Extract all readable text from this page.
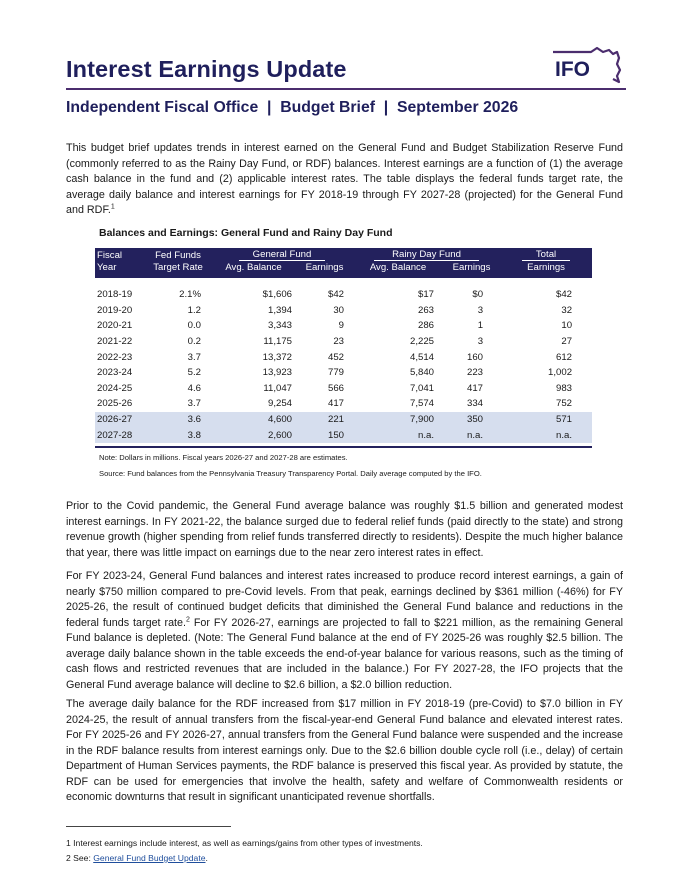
Interest Earnings Update	IFO
Independent Fiscal Office  |  Budget Brief  |  September 2026

This budget brief updates trends in interest earned on the General Fund and Budget Stabilization Reserve Fund (commonly referred to as the Rainy Day Fund, or RDF) balances. Interest earnings are a function of (1) the average cash balance in the fund and (2) applicable interest rates. The table displays the federal funds target rate, the average daily balance and interest earnings for FY 2018-19 through FY 2027-28 (projected) for the General Fund and RDF.$^1$

Balances and Earnings: General Fund and Rainy Day Fund

Fiscal	Fed Funds	General Fund		Rainy Day Fund		Total
Year	Target Rate	Avg. Balance	Earnings	Avg. Balance	Earnings	Earnings
2018-19	2.1%	$1,606	$42	$17	$0	$42
2019-20	1.2	1,394	30	263	3	32
2020-21	0.0	3,343	9	286	1	10
2021-22	0.2	11,175	23	2,225	3	27
2022-23	3.7	13,372	452	4,514	160	612
2023-24	5.2	13,923	779	5,840	223	1,002
2024-25	4.6	11,047	566	7,041	417	983
2025-26	3.7	9,254	417	7,574	334	752
2026-27	3.6	4,600	221	7,900	350	571
2027-28	3.8	2,600	150	n.a.	n.a.	n.a.

Note: Dollars in millions. Fiscal years 2026-27 and 2027-28 are estimates.

Source: Fund balances from the Pennsylvania Treasury Transparency Portal. Daily average computed by the IFO.

Prior to the Covid pandemic, the General Fund average balance was roughly $1.5 billion and generated modest interest earnings. In FY 2021-22, the balance surged due to federal relief funds (paid directly to the state) and strong revenue growth (higher spending from relief funds transferred directly to residents). Despite the much higher balance that year, there was little impact on earnings due to the near zero interest rates in effect.

For FY 2023-24, General Fund balances and interest rates increased to produce record interest earnings, a gain of nearly $750 million compared to pre-Covid levels. From that peak, earnings declined by $361 million (-46%) for FY 2025-26, the result of continued budget deficits that diminished the General Fund balance and reductions in the federal funds target rate.$^2$ For FY 2026-27, earnings are projected to fall to $221 million, as the remaining General Fund balance is depleted. (Note: The General Fund balance at the end of FY 2025-26 was roughly $2.5 billion. The average daily balance shown in the table exceeds the end-of-year balance for various reasons, such as the timing of cash flows and restricted revenues that are included in the balance.) For FY 2027-28, the IFO projects that the General Fund average balance will decline to $2.6 billion, a $2.0 billion reduction.

The average daily balance for the RDF increased from $17 million in FY 2018-19 (pre-Covid) to $7.0 billion in FY 2024-25, the result of annual transfers from the fiscal-year-end General Fund balance and elevated interest rates. For FY 2025-26 and FY 2026-27, annual transfers from the General Fund balance were suspended and the increase in the RDF balance results from interest earnings only. Due to the $2.6 billion double cycle roll (i.e., delay) of certain Department of Human Services payments, the RDF balance is preserved this fiscal year. As provided by statute, the RDF can be used for emergencies that involve the health, safety and welfare of Commonwealth residents or economic downturns that result in significant unanticipated revenue shortfalls.

1 Interest earnings include interest, as well as earnings/gains from other types of investments.

2 See: General Fund Budget Update.
